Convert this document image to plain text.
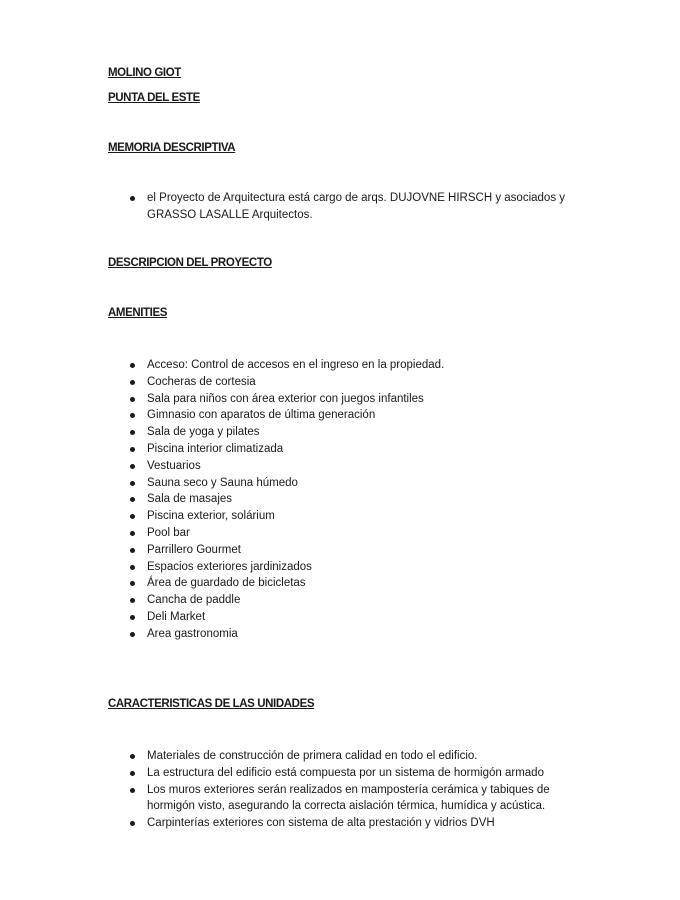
MOLINO GIOT

PUNTA DEL ESTE

MEMORIA DESCRIPTIVA

el Proyecto de Arquitectura está cargo de arqs. DUJOVNE HIRSCH y asociados y GRASSO LASALLE Arquitectos.

DESCRIPCION DEL PROYECTO

AMENITIES

Acceso: Control de accesos en el ingreso en la propiedad.
Cocheras de cortesia
Sala para niños con área exterior con juegos infantiles
Gimnasio con aparatos de última generación
Sala de yoga y pilates
Piscina interior climatizada
Vestuarios
Sauna seco y Sauna húmedo
Sala de masajes
Piscina exterior, solárium
Pool bar
Parrillero Gourmet
Espacios exteriores jardinizados
Área de guardado de bicicletas
Cancha de paddle
Deli Market
Area gastronomia

CARACTERISTICAS DE LAS UNIDADES

Materiales de construcción de primera calidad en todo el edificio.
La estructura del edificio está compuesta por un sistema de hormigón armado
Los muros exteriores serán realizados en mampostería cerámica y tabiques de hormigón visto, asegurando la correcta aislación térmica, humídica y acústica.
Carpinterías exteriores con sistema de alta prestación y vidrios DVH
